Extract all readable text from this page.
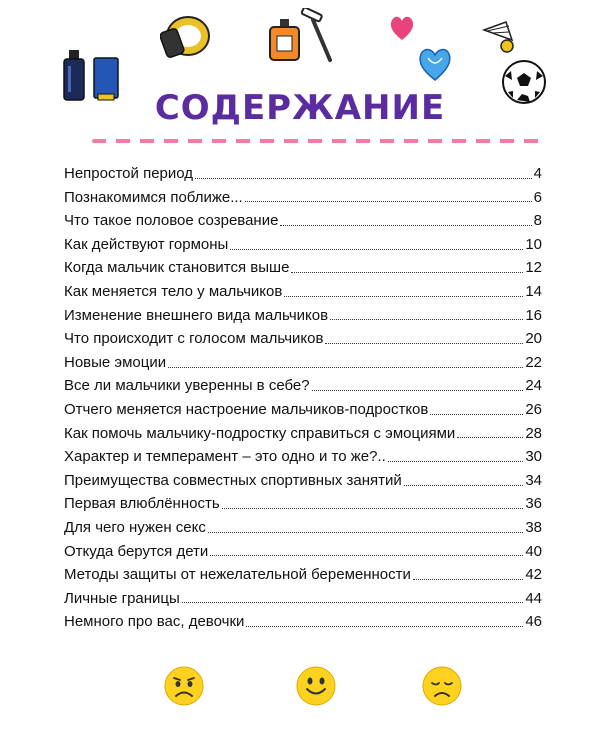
СОДЕРЖАНИЕ
Непростой период	4
Познакомимся поближе...	6
Что такое половое созревание	8
Как действуют гормоны	10
Когда мальчик становится выше	12
Как меняется тело у мальчиков	14
Изменение внешнего вида мальчиков	16
Что происходит с голосом мальчиков	20
Новые эмоции	22
Все ли мальчики уверенны в себе?	24
Отчего меняется настроение мальчиков-подростков	26
Как помочь мальчику-подростку справиться с эмоциями	28
Характер и темперамент – это одно и то же?..	30
Преимущества совместных спортивных занятий	34
Первая влюблённость	36
Для чего нужен секс	38
Откуда берутся дети	40
Методы защиты от нежелательной беременности	42
Личные границы	44
Немного про вас, девочки	46
